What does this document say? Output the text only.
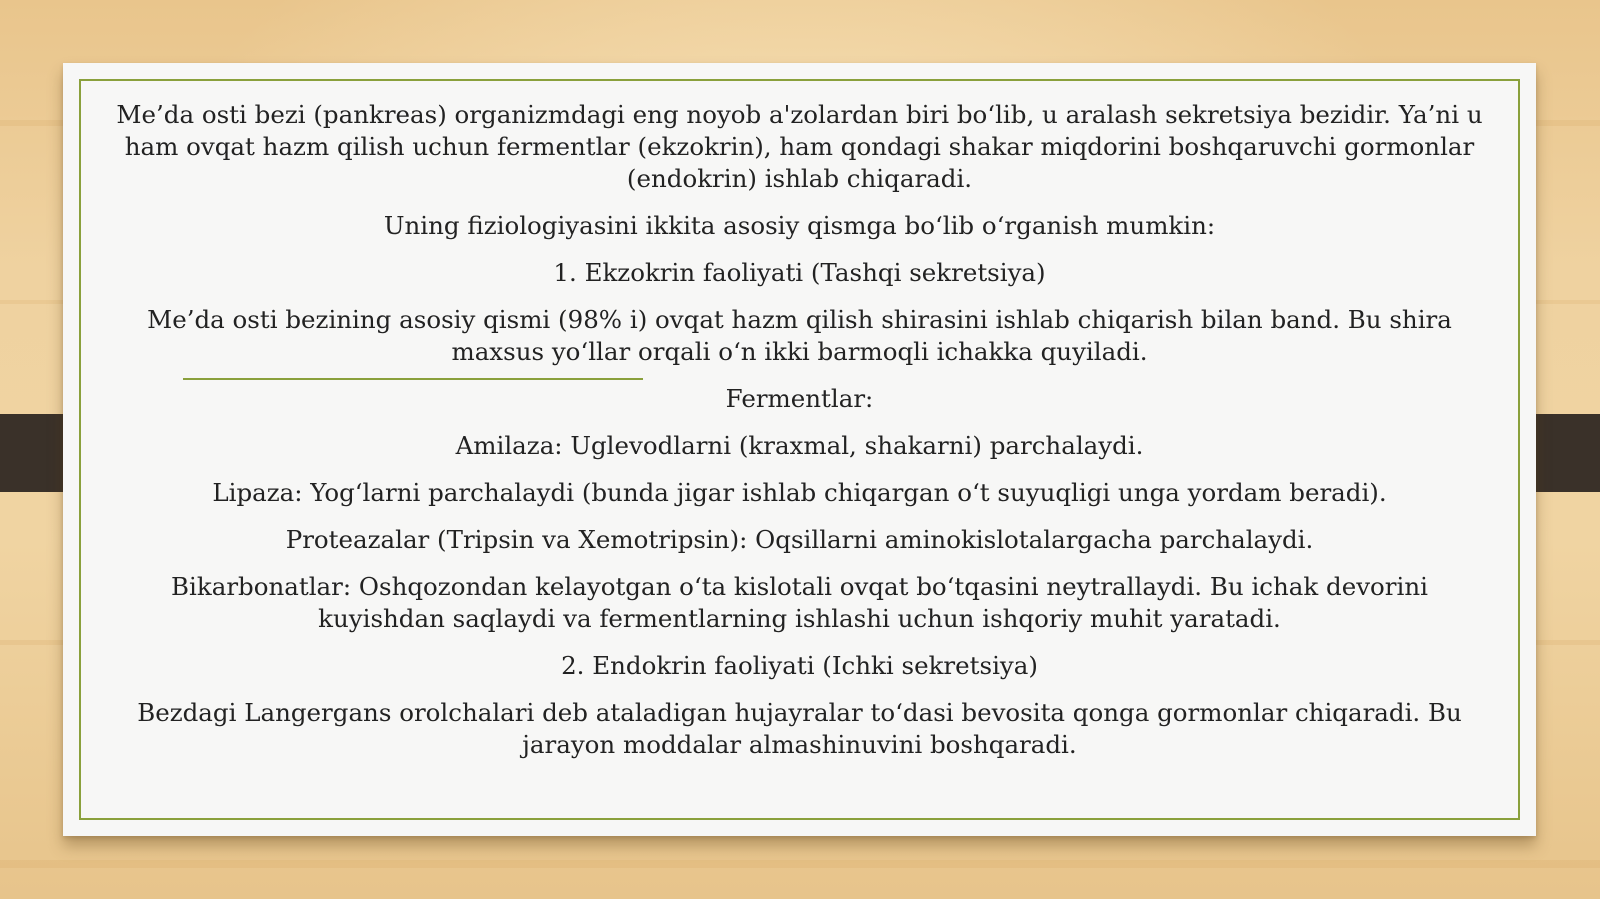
Me’da osti bezi (pankreas) organizmdagi eng noyob a'zolardan biri bo‘lib, u aralash sekretsiya bezidir. Ya’ni u ham ovqat hazm qilish uchun fermentlar (ekzokrin), ham qondagi shakar miqdorini boshqaruvchi gormonlar (endokrin) ishlab chiqaradi.

Uning fiziologiyasini ikkita asosiy qismga bo‘lib o‘rganish mumkin:

1. Ekzokrin faoliyati (Tashqi sekretsiya)

Me’da osti bezining asosiy qismi (98% i) ovqat hazm qilish shirasini ishlab chiqarish bilan band. Bu shira maxsus yo‘llar orqali o‘n ikki barmoqli ichakka quyiladi.

Fermentlar:

Amilaza: Uglevodlarni (kraxmal, shakarni) parchalaydi.

Lipaza: Yog‘larni parchalaydi (bunda jigar ishlab chiqargan o‘t suyuqligi unga yordam beradi).

Proteazalar (Tripsin va Xemotripsin): Oqsillarni aminokislotalargacha parchalaydi.

Bikarbonatlar: Oshqozondan kelayotgan o‘ta kislotali ovqat bo‘tqasini neytrallaydi. Bu ichak devorini kuyishdan saqlaydi va fermentlarning ishlashi uchun ishqoriy muhit yaratadi.

2. Endokrin faoliyati (Ichki sekretsiya)

Bezdagi Langergans orolchalari deb ataladigan hujayralar to‘dasi bevosita qonga gormonlar chiqaradi. Bu jarayon moddalar almashinuvini boshqaradi.
